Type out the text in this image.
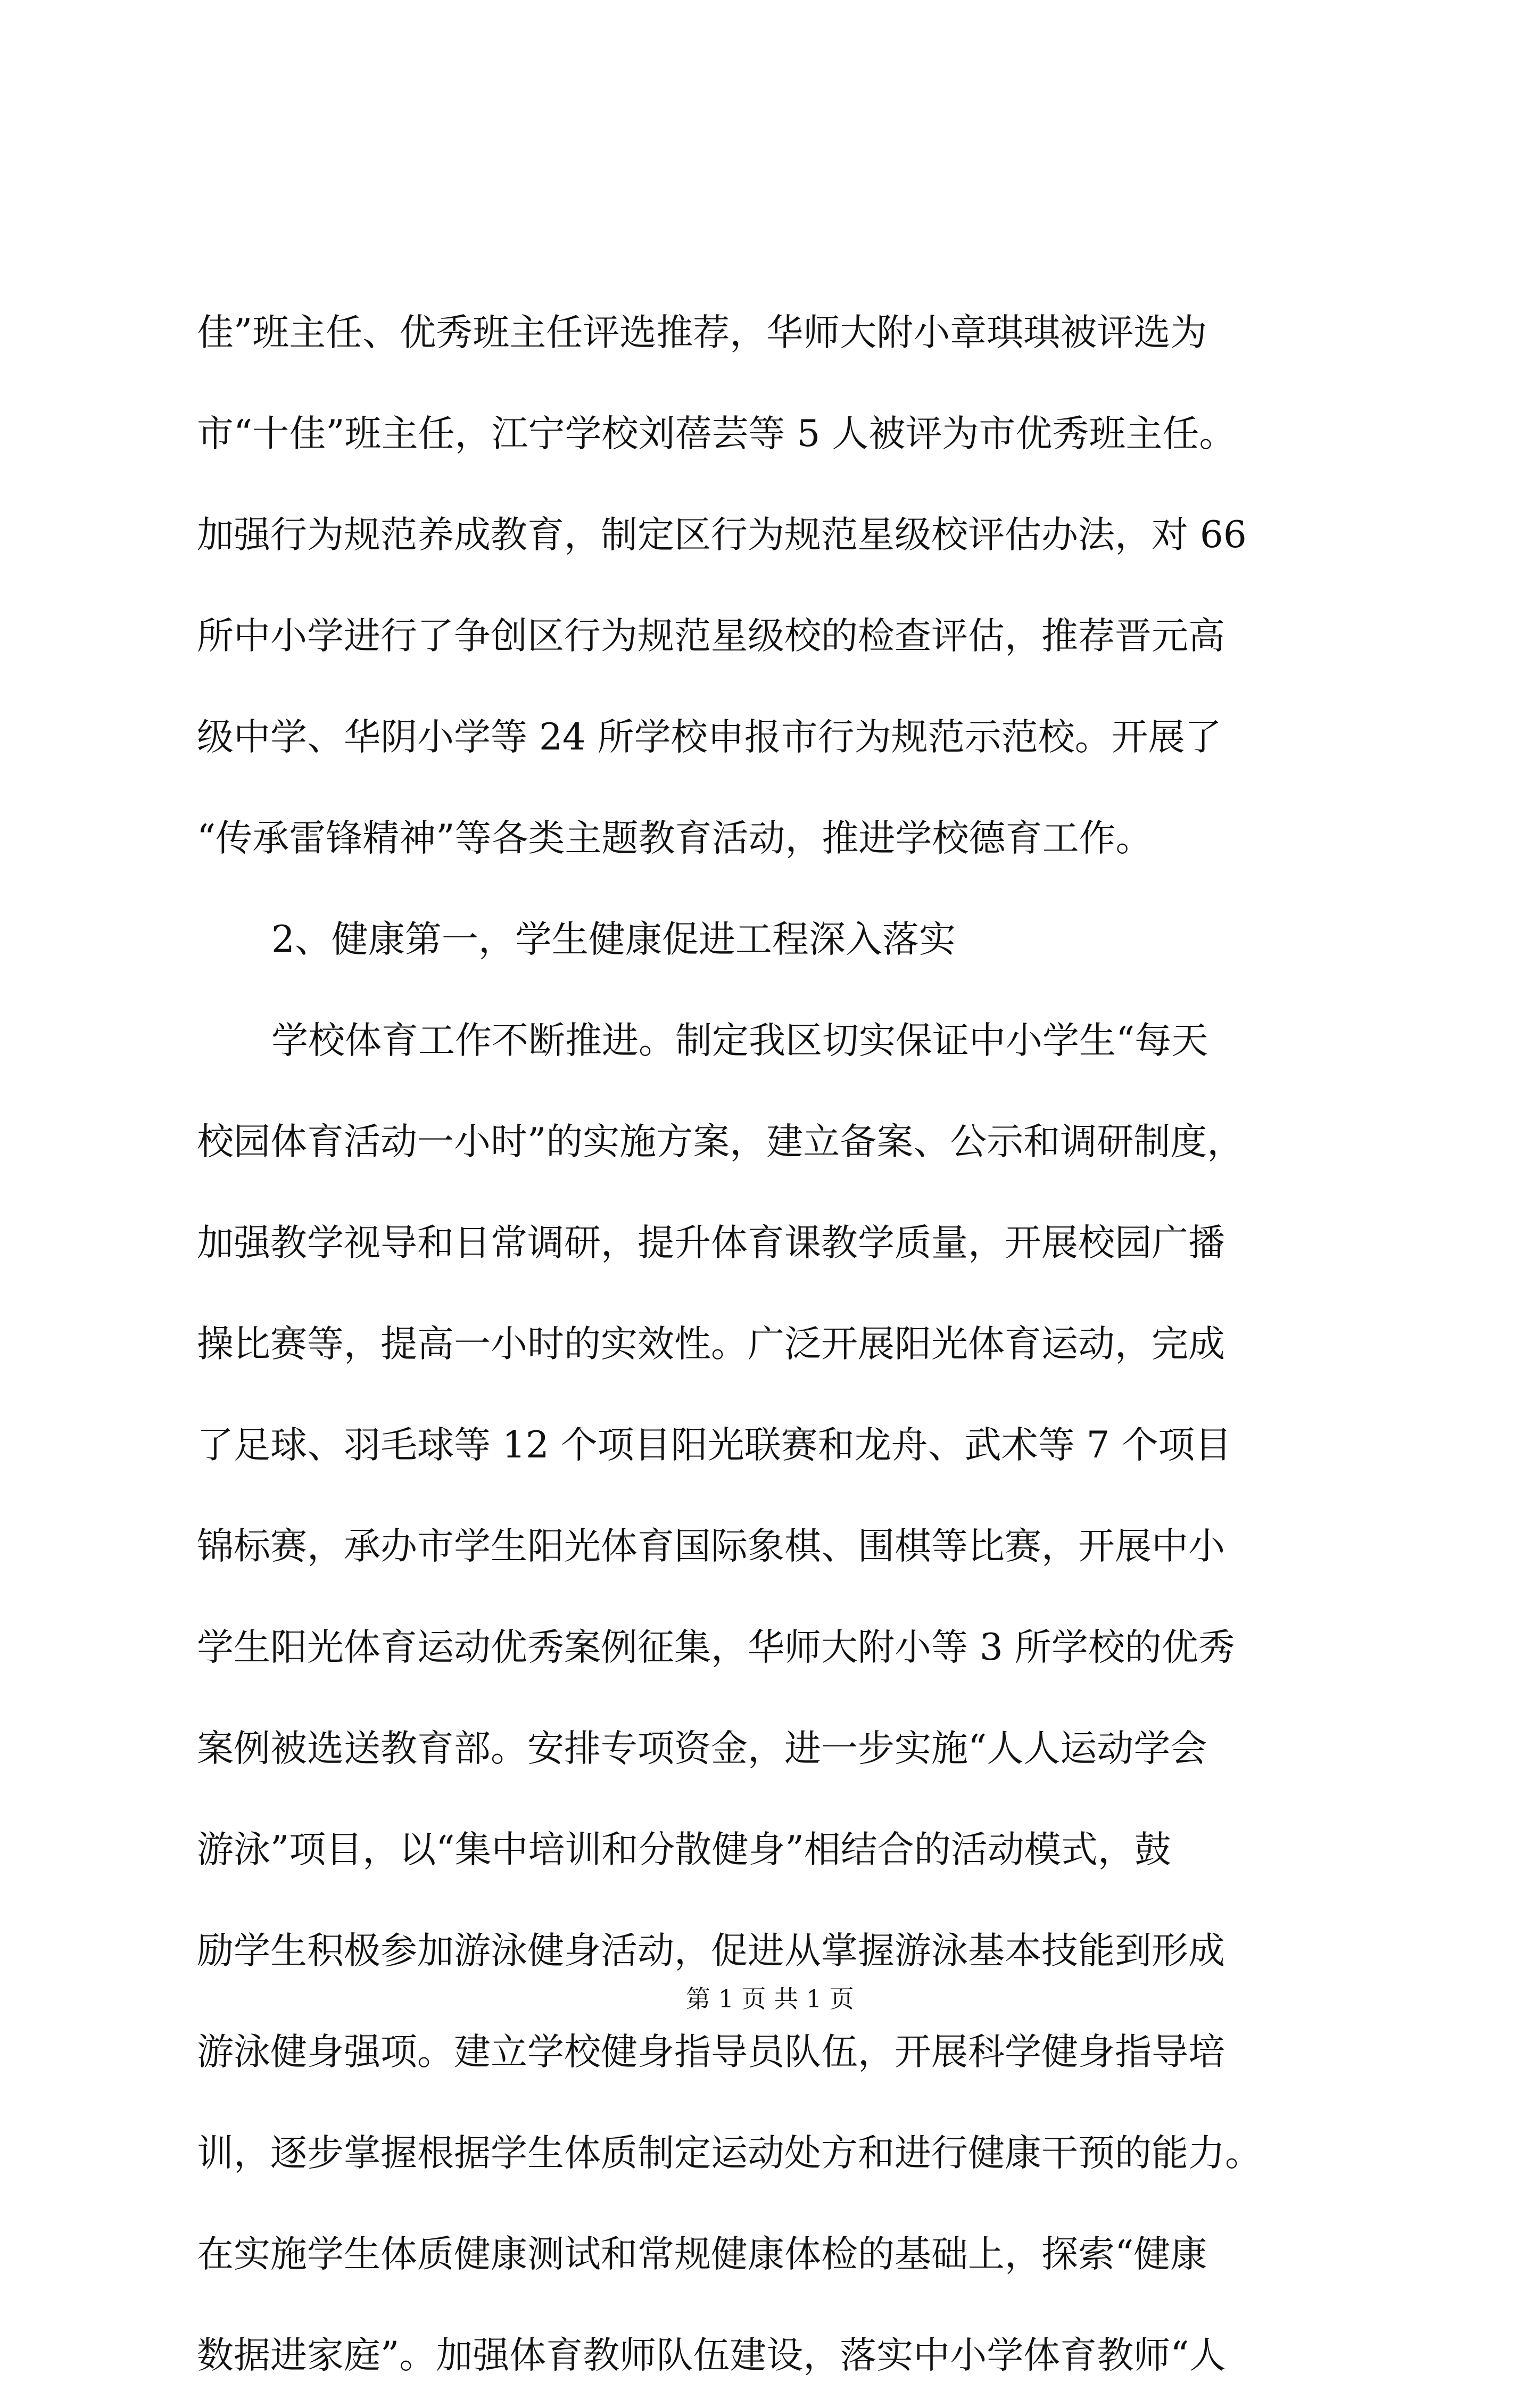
佳”班主任、优秀班主任评选推荐，华师大附小章琪琪被评选为
市“十佳”班主任，江宁学校刘蓓芸等 5 人被评为市优秀班主任。
加强行为规范养成教育，制定区行为规范星级校评估办法，对 66
所中小学进行了争创区行为规范星级校的检查评估，推荐晋元高
级中学、华阴小学等 24 所学校申报市行为规范示范校。开展了
“传承雷锋精神”等各类主题教育活动，推进学校德育工作。
2、健康第一，学生健康促进工程深入落实
学校体育工作不断推进。制定我区切实保证中小学生“每天
校园体育活动一小时”的实施方案，建立备案、公示和调研制度，
加强教学视导和日常调研，提升体育课教学质量，开展校园广播
操比赛等，提高一小时的实效性。广泛开展阳光体育运动，完成
了足球、羽毛球等 12 个项目阳光联赛和龙舟、武术等 7 个项目
锦标赛，承办市学生阳光体育国际象棋、围棋等比赛，开展中小
学生阳光体育运动优秀案例征集，华师大附小等 3 所学校的优秀
案例被选送教育部。安排专项资金，进一步实施“人人运动学会
游泳”项目，以“集中培训和分散健身”相结合的活动模式，鼓
励学生积极参加游泳健身活动，促进从掌握游泳基本技能到形成
游泳健身强项。建立学校健身指导员队伍，开展科学健身指导培
训，逐步掌握根据学生体质制定运动处方和进行健康干预的能力。
在实施学生体质健康测试和常规健康体检的基础上，探索“健康
数据进家庭”。加强体育教师队伍建设，落实中小学体育教师“人
第 1 页 共 1 页
